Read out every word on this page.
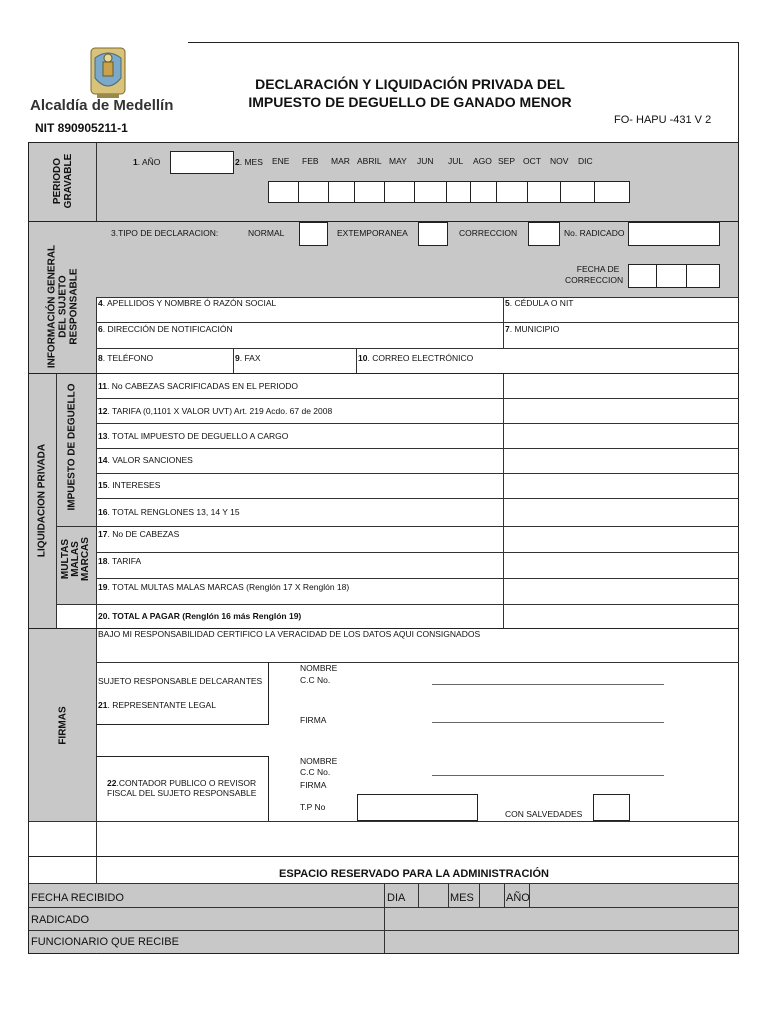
Alcaldía de Medellín
NIT 890905211-1
DECLARACIÓN Y LIQUIDACIÓN PRIVADA DEL
IMPUESTO DE DEGUELLO DE GANADO MENOR
FO- HAPU -431 V 2
PERIODO
GRAVABLE	1. AÑO	2. MES ENE FEB MAR ABRIL MAY JUN JUL AGO SEP OCT NOV DIC
INFORMACIÓN GENERAL
DEL SUJETO
RESPONSABLE
3.TIPO DE DECLARACION:	NORMAL	EXTEMPORANEA	CORRECCION	No. RADICADO
FECHA DE
CORRECCION
4. APELLIDOS Y NOMBRE Ó RAZÓN SOCIAL	5. CÉDULA O NIT
6. DIRECCIÓN DE NOTIFICACIÓN	7. MUNICIPIO
8. TELÉFONO	9. FAX	10. CORREO ELECTRÓNICO
LIQUIDACION PRIVADA IMPUESTO DE DEGUELLO
MULTAS
MALAS
MARCAS
11. No CABEZAS SACRIFICADAS EN EL PERIODO
12. TARIFA (0,1101 X VALOR UVT) Art. 219 Acdo. 67 de 2008
13. TOTAL IMPUESTO DE DEGUELLO A CARGO
14. VALOR SANCIONES
15. INTERESES
16. TOTAL RENGLONES 13, 14 Y 15
17. No DE CABEZAS
18. TARIFA
19. TOTAL MULTAS MALAS MARCAS (Renglón 17 X Renglón 18)
20. TOTAL A PAGAR (Renglón 16 más Renglón 19)
FIRMAS
BAJO MI RESPONSABILIDAD CERTIFICO LA VERACIDAD DE LOS DATOS AQUI CONSIGNADOS
SUJETO RESPONSABLE DELCARANTES
21. REPRESENTANTE LEGAL
NOMBRE
C.C No.
FIRMA
22.CONTADOR PUBLICO O REVISOR
FISCAL DEL SUJETO RESPONSABLE
NOMBRE
C.C No.
FIRMA
T.P No
CON SALVEDADES
ESPACIO RESERVADO PARA LA ADMINISTRACIÓN
FECHA RECIBIDO	DIA	MES	AÑO
RADICADO
FUNCIONARIO QUE RECIBE
